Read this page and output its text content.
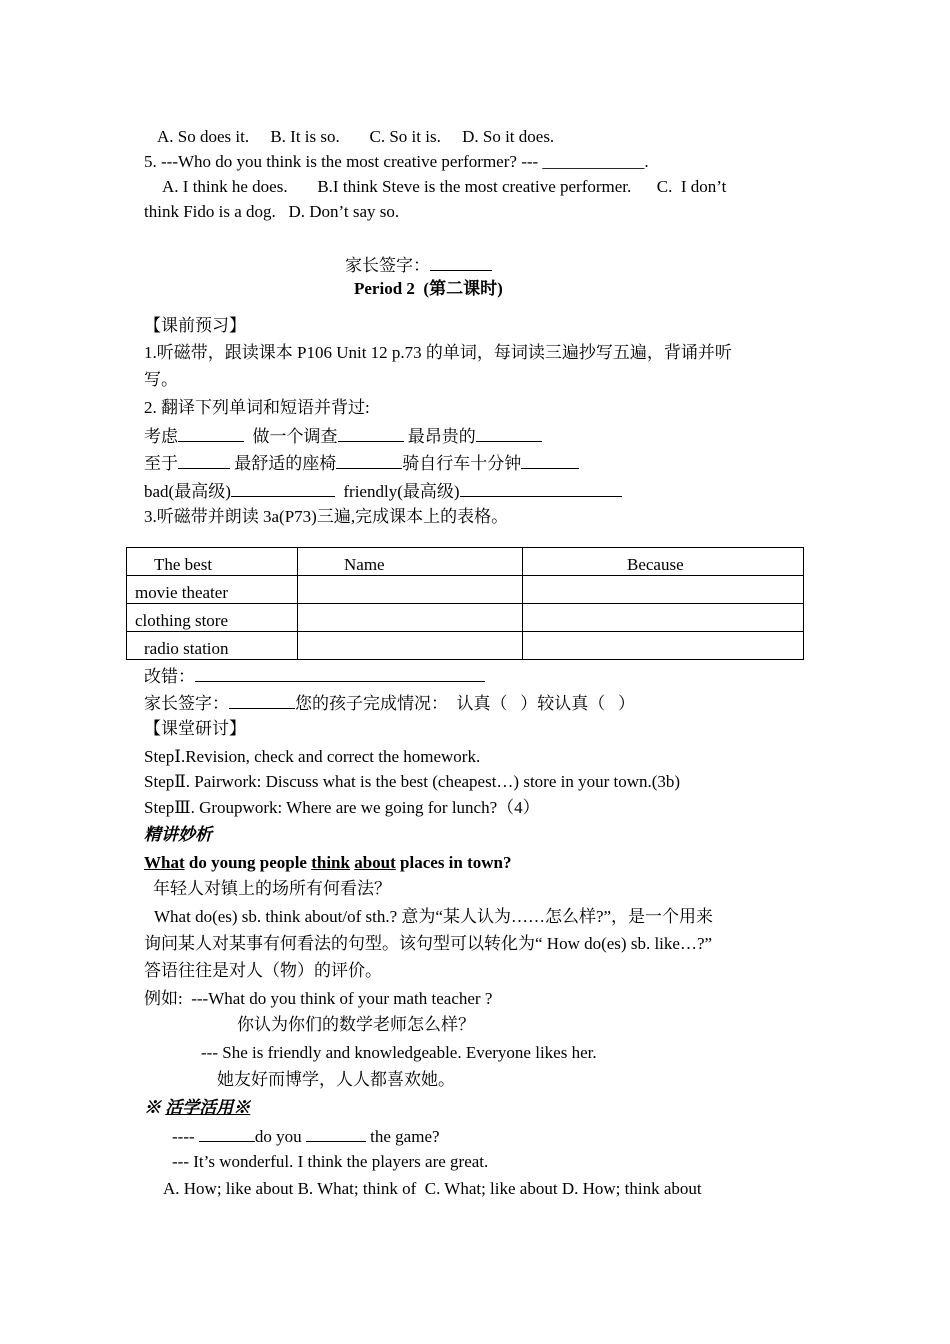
A. So does it.     B. It is so.       C. So it is.     D. So it does.
5. ---Who do you think is the most creative performer? --- ____________.
A. I think he does.       B.I think Steve is the most creative performer.      C.  I don’t
think Fido is a dog.   D. Don’t say so.
家长签字：
Period 2  (第二课时)
【课前预习】
1.听磁带，跟读课本 P106 Unit 12 p.73 的单词，每词读三遍抄写五遍，背诵并听
写。
2. 翻译下列单词和短语并背过:
考虑	做一个调查	最昂贵的
至于	最舒适的座椅	骑自行车十分钟
bad(最高级)	friendly(最高级)
3.听磁带并朗读 3a(P73)三遍,完成课本上的表格。
The best	Name	Because
movie theater		
clothing store		
radio station		
改错：
家长签字：	您的孩子完成情况：  认真（   ）较认真（   ）
【课堂研讨】
StepⅠ.Revision, check and correct the homework.
StepⅡ. Pairwork: Discuss what is the best (cheapest…) store in your town.(3b)
StepⅢ. Groupwork: Where are we going for lunch?（4）
精讲妙析
What do young people think about places in town?
年轻人对镇上的场所有何看法？
What do(es) sb. think about/of sth.? 意为“某人认为……怎么样?”，是一个用来
询问某人对某事有何看法的句型。该句型可以转化为“ How do(es) sb. like…?”
答语往往是对人（物）的评价。
例如:  ---What do you think of your math teacher ?
你认为你们的数学老师怎么样？
--- She is friendly and knowledgeable. Everyone likes her.
她友好而博学，人人都喜欢她。
※ 活学活用※
----	do you	the game?
--- It’s wonderful. I think the players are great.
A. How; like about B. What; think of  C. What; like about D. How; think about
